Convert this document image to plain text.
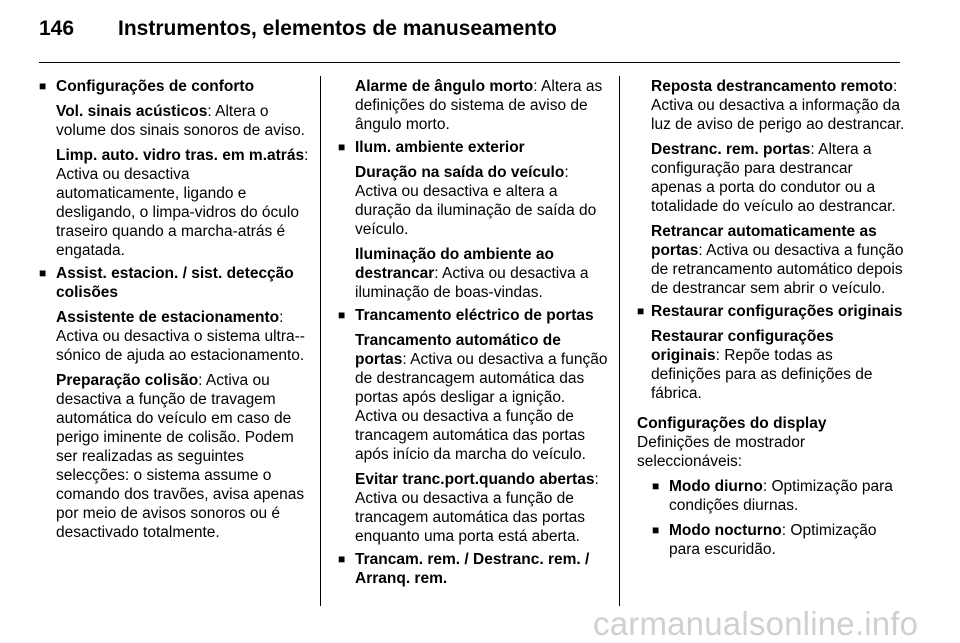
146 Instrumentos, elementos de manuseamento
■ Configurações de conforto
Vol. sinais acústicos: Altera o volume dos sinais sonoros de aviso.
Limp. auto. vidro tras. em m.atrás: Activa ou desactiva automaticamente, ligando e desligando, o limpa-vidros do óculo traseiro quando a marcha-atrás é engatada.
■ Assist. estacion. / sist. detecção colisões
Assistente de estacionamento: Activa ou desactiva o sistema ultra--sónico de ajuda ao estacionamento.
Preparação colisão: Activa ou desactiva a função de travagem automática do veículo em caso de perigo iminente de colisão. Podem ser realizadas as seguintes selecções: o sistema assume o comando dos travões, avisa apenas por meio de avisos sonoros ou é desactivado totalmente.
Alarme de ângulo morto: Altera as definições do sistema de aviso de ângulo morto.
■ Ilum. ambiente exterior
Duração na saída do veículo: Activa ou desactiva e altera a duração da iluminação de saída do veículo.
Iluminação do ambiente ao destrancar: Activa ou desactiva a iluminação de boas-vindas.
■ Trancamento eléctrico de portas
Trancamento automático de portas: Activa ou desactiva a função de destrancagem automática das portas após desligar a ignição. Activa ou desactiva a função de trancagem automática das portas após início da marcha do veículo.
Evitar tranc.port.quando abertas: Activa ou desactiva a função de trancagem automática das portas enquanto uma porta está aberta.
■ Trancam. rem. / Destranc. rem. / Arranq. rem.
Reposta destrancamento remoto: Activa ou desactiva a informação da luz de aviso de perigo ao destrancar.
Destranc. rem. portas: Altera a configuração para destrancar apenas a porta do condutor ou a totalidade do veículo ao destrancar.
Retrancar automaticamente as portas: Activa ou desactiva a função de retrancamento automático depois de destrancar sem abrir o veículo.
■ Restaurar configurações originais
Restaurar configurações originais: Repõe todas as definições para as definições de fábrica.
Configurações do display
Definições de mostrador seleccionáveis:
■ Modo diurno: Optimização para condições diurnas.
■ Modo nocturno: Optimização para escuridão.
carmanualsonline.info
